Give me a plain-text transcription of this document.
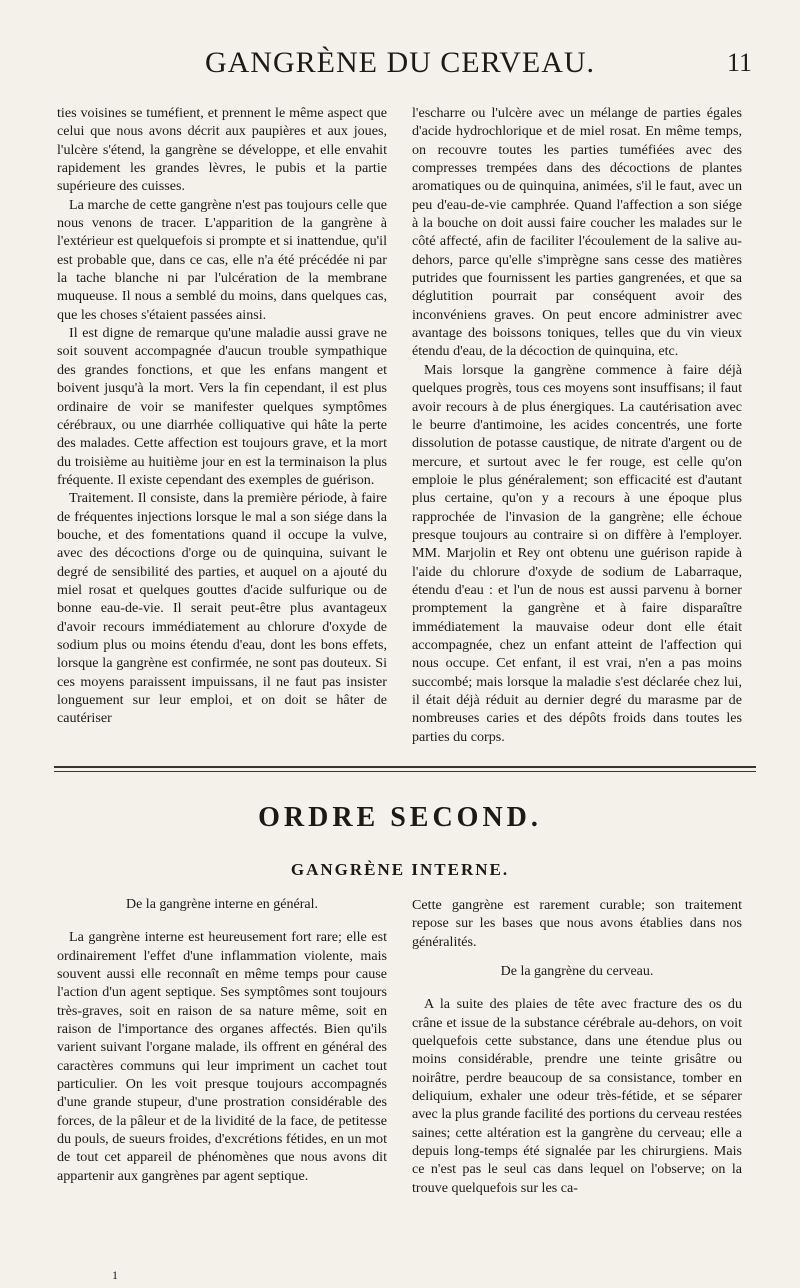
GANGRÈNE DU CERVEAU.	11

ties voisines se tuméfient, et prennent le même aspect que celui que nous avons décrit aux paupières et aux joues, l'ulcère s'étend, la gangrène se développe, et elle envahit rapidement les grandes lèvres, le pubis et la partie supérieure des cuisses.

La marche de cette gangrène n'est pas toujours celle que nous venons de tracer. L'apparition de la gangrène à l'extérieur est quelquefois si prompte et si inattendue, qu'il est probable que, dans ce cas, elle n'a été précédée ni par la tache blanche ni par l'ulcération de la membrane muqueuse. Il nous a semblé du moins, dans quelques cas, que les choses s'étaient passées ainsi.

Il est digne de remarque qu'une maladie aussi grave ne soit souvent accompagnée d'aucun trouble sympathique des grandes fonctions, et que les enfans mangent et boivent jusqu'à la mort. Vers la fin cependant, il est plus ordinaire de voir se manifester quelques symptômes cérébraux, ou une diarrhée colliquative qui hâte la perte des malades. Cette affection est toujours grave, et la mort du troisième au huitième jour en est la terminaison la plus fréquente. Il existe cependant des exemples de guérison.

Traitement. Il consiste, dans la première période, à faire de fréquentes injections lorsque le mal a son siége dans la bouche, et des fomentations quand il occupe la vulve, avec des décoctions d'orge ou de quinquina, suivant le degré de sensibilité des parties, et auquel on a ajouté du miel rosat et quelques gouttes d'acide sulfurique ou de bonne eau-de-vie. Il serait peut-être plus avantageux d'avoir recours immédiatement au chlorure d'oxyde de sodium plus ou moins étendu d'eau, dont les bons effets, lorsque la gangrène est confirmée, ne sont pas douteux. Si ces moyens paraissent impuissans, il ne faut pas insister longuement sur leur emploi, et on doit se hâter de cautériser

l'escharre ou l'ulcère avec un mélange de parties égales d'acide hydrochlorique et de miel rosat. En même temps, on recouvre toutes les parties tuméfiées avec des compresses trempées dans des décoctions de plantes aromatiques ou de quinquina, animées, s'il le faut, avec un peu d'eau-de-vie camphrée. Quand l'affection a son siége à la bouche on doit aussi faire coucher les malades sur le côté affecté, afin de faciliter l'écoulement de la salive au-dehors, parce qu'elle s'imprègne sans cesse des matières putrides que fournissent les parties gangrenées, et que sa déglutition pourrait par conséquent avoir des inconvéniens graves. On peut encore administrer avec avantage des boissons toniques, telles que du vin vieux étendu d'eau, de la décoction de quinquina, etc.

Mais lorsque la gangrène commence à faire déjà quelques progrès, tous ces moyens sont insuffisans; il faut avoir recours à de plus énergiques. La cautérisation avec le beurre d'antimoine, les acides concentrés, une forte dissolution de potasse caustique, de nitrate d'argent ou de mercure, et surtout avec le fer rouge, est celle qu'on emploie le plus généralement; son efficacité est d'autant plus certaine, qu'on y a recours à une époque plus rapprochée de l'invasion de la gangrène; elle échoue presque toujours au contraire si on diffère à l'employer. MM. Marjolin et Rey ont obtenu une guérison rapide à l'aide du chlorure d'oxyde de sodium de Labarraque, étendu d'eau : et l'un de nous est aussi parvenu à borner promptement la gangrène et à faire disparaître immédiatement la mauvaise odeur dont elle était accompagnée, chez un enfant atteint de l'affection qui nous occupe. Cet enfant, il est vrai, n'en a pas moins succombé; mais lorsque la maladie s'est déclarée chez lui, il était déjà réduit au dernier degré du marasme par de nombreuses caries et des dépôts froids dans toutes les parties du corps.

ORDRE SECOND.
GANGRÈNE INTERNE.

De la gangrène interne en général.

La gangrène interne est heureusement fort rare; elle est ordinairement l'effet d'une inflammation violente, mais souvent aussi elle reconnaît en même temps pour cause l'action d'un agent septique. Ses symptômes sont toujours très-graves, soit en raison de sa nature même, soit en raison de l'importance des organes affectés. Bien qu'ils varient suivant l'organe malade, ils offrent en général des caractères communs qui leur impriment un cachet tout particulier. On les voit presque toujours accompagnés d'une grande stupeur, d'une prostration considérable des forces, de la pâleur et de la lividité de la face, de petitesse du pouls, de sueurs froides, d'excrétions fétides, en un mot de tout cet appareil de phénomènes que nous avons dit appartenir aux gangrènes par agent septique.

Cette gangrène est rarement curable; son traitement repose sur les bases que nous avons établies dans nos généralités.

De la gangrène du cerveau.

A la suite des plaies de tête avec fracture des os du crâne et issue de la substance cérébrale au-dehors, on voit quelquefois cette substance, dans une étendue plus ou moins considérable, prendre une teinte grisâtre ou noirâtre, perdre beaucoup de sa consistance, tomber en deliquium, exhaler une odeur très-fétide, et se séparer avec la plus grande facilité des portions du cerveau restées saines; cette altération est la gangrène du cerveau; elle a depuis long-temps été signalée par les chirurgiens. Mais ce n'est pas le seul cas dans lequel on l'observe; on la trouve quelquefois sur les ca-

1
